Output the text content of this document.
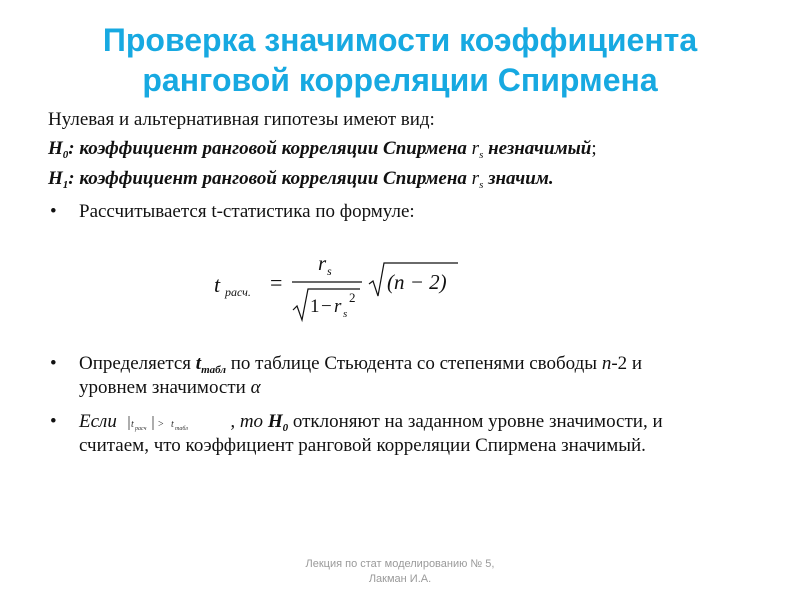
Проверка значимости коэффициента
ранговой корреляции Спирмена
Нулевая и альтернативная гипотезы имеют вид:
$H_0$: коэффициент ранговой корреляции Спирмена $r_s$ незначимый;
$H_1$: коэффициент ранговой корреляции Спирмена $r_s$ значим.
• Рассчитывается t-статистика по формуле:
t расч. =
r s
1 − r s
2
(n − 2)
• Определяется $t_{табл}$ по таблице Стьюдента со степенями свободы n-2 и
уровнем значимости α
• Если t расч > t табл , то $H_0$ отклоняют на заданном уровне значимости, и
считаем, что коэффициент ранговой корреляции Спирмена значимый.
Лекция по стат моделированию № 5,
Лакман И.А.
